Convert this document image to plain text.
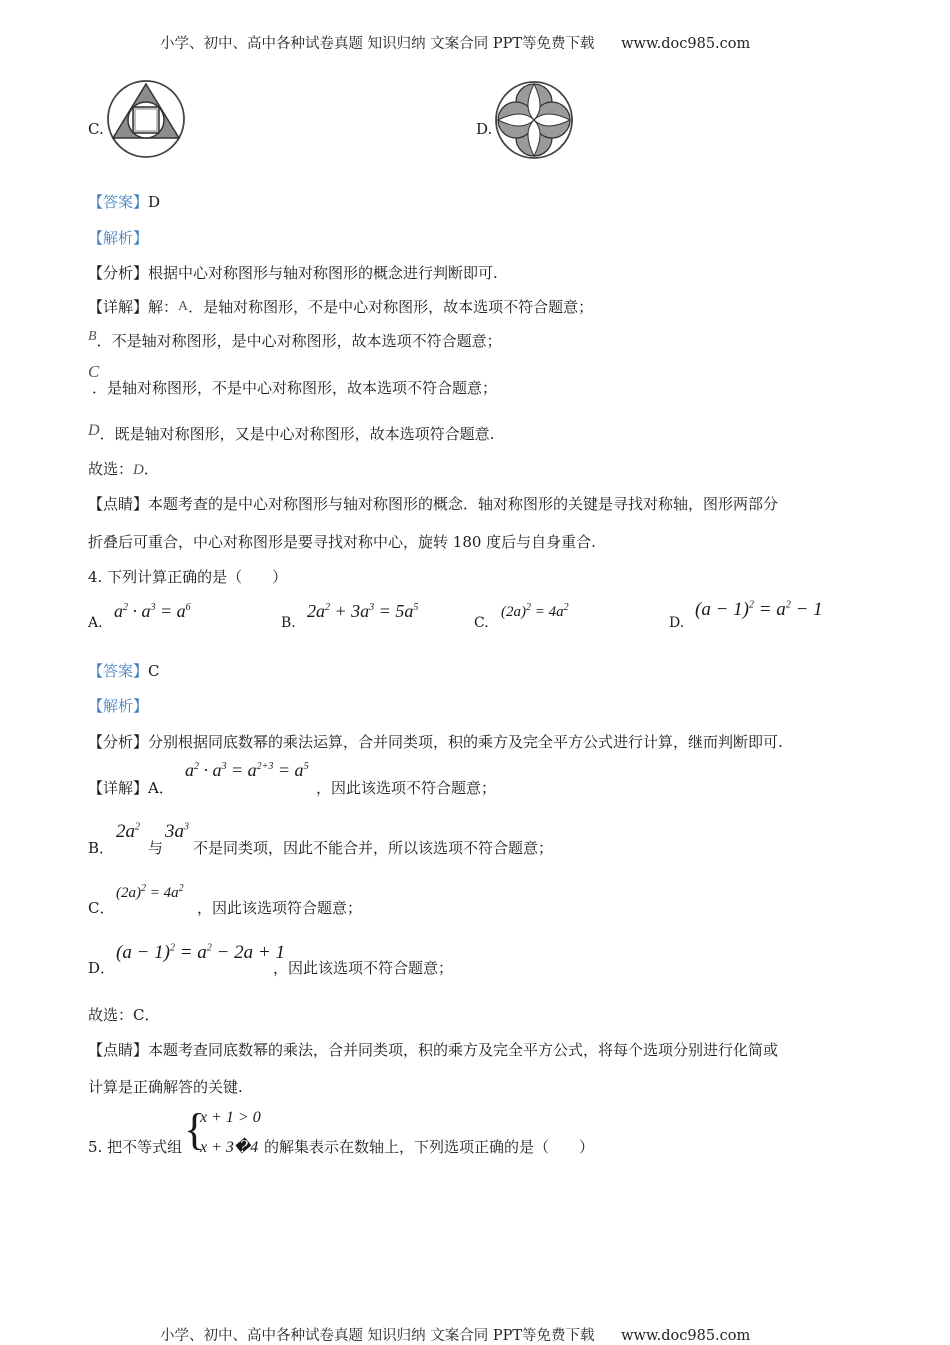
小学、初中、高中各种试卷真题 知识归纳 文案合同 PPT等免费下载 www.doc985.com
C.	D.
【答案】D
【解析】
【分析】根据中心对称图形与轴对称图形的概念进行判断即可.
【详解】解：A．是轴对称图形，不是中心对称图形，故本选项不符合题意；
B．不是轴对称图形，是中心对称图形，故本选项不符合题意；
C
．是轴对称图形，不是中心对称图形，故本选项不符合题意；
D．既是轴对称图形，又是中心对称图形，故本选项符合题意.
故选：D．
【点睛】本题考查的是中心对称图形与轴对称图形的概念．轴对称图形的关键是寻找对称轴，图形两部分
折叠后可重合，中心对称图形是要寻找对称中心，旋转 180 度后与自身重合.
4. 下列计算正确的是（　　）
A.
$a^2 \cdot a^3 = a^6$
B.
$2a^2 + 3a^3 = 5a^5$
C.
$(2a)^2 = 4a^2$
D.
$(a - 1)^2 = a^2 - 1$
【答案】C
【解析】
【分析】分别根据同底数幂的乘法运算，合并同类项，积的乘方及完全平方公式进行计算，继而判断即可.
【详解】A．
$a^2 \cdot a^3 = a^{2+3} = a^5$
，因此该选项不符合题意；
B．
$2a^2$
与
$3a^3$
不是同类项，因此不能合并，所以该选项不符合题意；
C．
$(2a)^2 = 4a^2$
，因此该选项符合题意；
D．
$(a - 1)^2 = a^2 - 2a + 1$
，因此该选项不符合题意；
故选：C．
【点睛】本题考查同底数幂的乘法，合并同类项，积的乘方及完全平方公式，将每个选项分别进行化简或
计算是正确解答的关键.
5. 把不等式组 {
x + 1 > 0
x + 3�4 的解集表示在数轴上，下列选项正确的是（　　）
小学、初中、高中各种试卷真题 知识归纳 文案合同 PPT等免费下载 www.doc985.com
